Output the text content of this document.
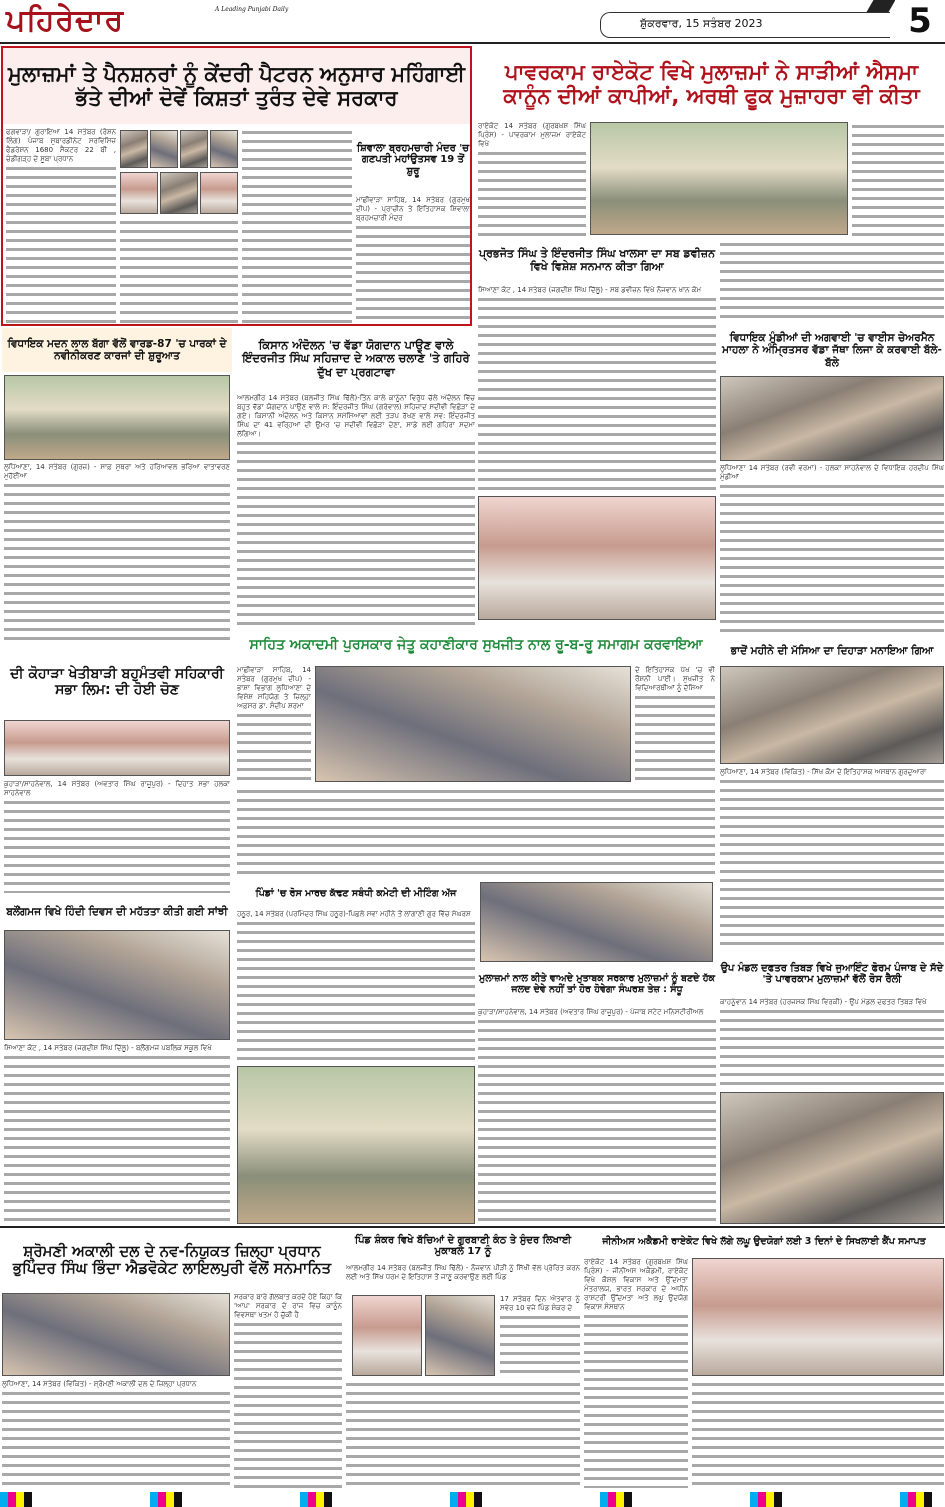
ਪਹਿਰੇਦਾਰ	A Leading Punjabi Daily
ਸ਼ੁੱਕਰਵਾਰ, 15 ਸਤੰਬਰ 2023	5
ਮੁਲਾਜ਼ਮਾਂ ਤੇ ਪੈਨਸ਼ਨਰਾਂ ਨੂੰ ਕੇਂਦਰੀ ਪੈਟਰਨ ਅਨੁਸਾਰ ਮਹਿੰਗਾਈ ਭੱਤੇ ਦੀਆਂ ਦੋਵੇਂ ਕਿਸ਼ਤਾਂ ਤੁਰੰਤ ਦੇਵੇ ਸਰਕਾਰ
ਫਗਵਾੜਾ/ ਗੁਰਾਇਆ 14 ਸਤੰਬਰ (ਰੋਸ਼ਨ ਲਿੰਗ) ਪੰਜਾਬ ਸੁਬਾਰਡੀਨੇਟ ਸਰਵਿਸਿਜ਼ ਫੈਡਰੇਸ਼ਨ 1680 ਸੈਕਟਰ 22 ਬੀ , ਚੰਡੀਗੜ੍ਹ ਦੇ ਸੂਬਾ ਪ੍ਰਧਾਨ
ਸ਼ਿਵਾਲਾ ਬ੍ਰਹਮਚਾਰੀ ਮੰਦਰ 'ਚ ਗਣਪਤੀ ਮਹਾਂਉਤਸਵ 19 ਤੋਂ ਸ਼ੁਰੂ
ਮਾਛੀਵਾੜਾ ਸਾਹਿਬ, 14 ਸਤੰਬਰ (ਗੁਰਮੁਖ ਦੀਪ) - ਪ੍ਰਾਚੀਨ ਤੇ ਇਤਿਹਾਸਕ ਸ਼ਿਵਾਲਾ ਬ੍ਰਹਮਚਾਰੀ ਮੰਦਰ
ਪਾਵਰਕਾਮ ਰਾਏਕੋਟ ਵਿਖੇ ਮੁਲਾਜ਼ਮਾਂ ਨੇ ਸਾੜੀਆਂ ਐਸਮਾ ਕਾਨੂੰਨ ਦੀਆਂ ਕਾਪੀਆਂ, ਅਰਥੀ ਫੂਕ ਮੁਜ਼ਾਹਰਾ ਵੀ ਕੀਤਾ
ਰਾਏਕੋਟ 14 ਸਤੰਬਰ (ਗੁਰਬਖ਼ਸ਼ ਸਿੰਘ ਪ੍ਰਿੰਸ) - ਪਾਵਰਕਾਮ ਮੁਲਾਜ਼ਮ ਰਾਏਕੋਟ ਵਿਖੇ
ਪ੍ਰਭਜੋਤ ਸਿੰਘ ਤੇ ਇੰਦਰਜੀਤ ਸਿੰਘ ਖਾਲਸਾ ਦਾ ਸਬ ਡਵੀਜ਼ਨ ਵਿਖੇ ਵਿਸ਼ੇਸ਼ ਸਨਮਾਨ ਕੀਤਾ ਗਿਆ
ਸਿਆਣਾ ਕੋਟ , 14 ਸਤੰਬਰ (ਜਗਦੀਸ਼ ਸਿੰਘ ਦਿੱਲੂ) - ਸਬ ਡਵੀਜ਼ਨ ਵਿਖੇ ਨੌਜਵਾਨ ਖਾਨ ਕੋਮ
ਵਿਧਾਇਕ ਮਦਨ ਲਾਲ ਬੱਗਾ ਵੱਲੋਂ ਵਾਰਡ-87 'ਚ ਪਾਰਕਾਂ ਦੇ ਨਵੀਨੀਕਰਣ ਕਾਰਜਾਂ ਦੀ ਸ਼ੁਰੂਆਤ
ਲੁਧਿਆਣਾ, 14 ਸਤੰਬਰ (ਗੁਰਜ਼) - ਸਾਫ਼ ਸੁਥਰਾ ਅਤੇ ਹਰਿਆਵਲ ਭਰਿਆ ਵਾਤਾਵਰਣ ਮੁਹੱਈਆ
ਕਿਸਾਨ ਅੰਦੋਲਨ 'ਚ ਵੱਡਾ ਯੋਗਦਾਨ ਪਾਉਣ ਵਾਲੇ ਇੰਦਰਜੀਤ ਸਿੰਘ ਸਹਿਜ਼ਾਦ ਦੇ ਅਕਾਲ ਚਲਾਣੇ 'ਤੇ ਗਹਿਰੇ ਦੁੱਖ ਦਾ ਪ੍ਰਗਟਾਵਾ
ਆਲਮਗੀਰ 14 ਸਤੰਬਰ (ਬਲਜੀਤ ਸਿੰਘ ਢਿੱਲੋਂ)-ਤਿੰਨ ਕਾਲੇ ਕਾਨੂੰਨਾਂ ਵਿਰੁੱਧ ਚੱਲੇ ਅੰਦੋਲਨ ਵਿੱਚ ਬਹੁਤ ਵੱਡਾ ਯੋਗਦਾਨ ਪਾਉਣ ਵਾਲੇ ਸ: ਇੰਦਰਜੀਤ ਸਿੰਘ (ਗਰੇਵਾਲ) ਸਹਿਜ਼ਾਦ ਸਦੀਵੀ ਵਿਛੋੜਾ ਦੇ ਗਏ। ਕਿਸਾਨੀ ਅੰਦੋਲਨ ਅਤੇ ਕਿਸਾਨ ਸਮੱਸਿਆਵਾਂ ਲਈ ਤੜਪ ਰੱਖਣ ਵਾਲੇ ਸਵ: ਇੰਦਰਜੀਤ ਸਿੰਘ ਦਾ 41 ਵਰ੍ਹਿਆਂ ਦੀ ਉਮਰ 'ਚ ਸਦੀਵੀ ਵਿਛੋੜਾ ਦੇਣਾ, ਸਾਡੇ ਲਈ ਗਹਿਰਾ ਸਦਮਾ ਲੱਗਿਆ।
ਵਿਧਾਇਕ ਮੁੰਡੀਆਂ ਦੀ ਅਗਵਾਈ 'ਚ ਵਾਈਸ ਚੇਅਰਮੈਨ ਮਾਹਲਾ ਨੇ ਅੰਮ੍ਰਿਤਸਰ ਵੱਡਾ ਜੱਥਾ ਲਿਜਾ ਕੇ ਕਰਵਾਈ ਬੱਲੇ-ਬੱਲੇ
ਲੁਧਿਆਣਾ 14 ਸਤੰਬਰ (ਰਵੀ ਵਰਮਾ) - ਹਲਕਾ ਸਾਹਨੇਵਾਲ ਦੇ ਵਿਧਾਇਕ ਹਰਦੀਪ ਸਿੰਘ ਮੁੰਡੀਆਂ
ਦੀ ਕੋਹਾੜਾ ਖੇਤੀਬਾੜੀ ਬਹੁਮੰਤਵੀ ਸਹਿਕਾਰੀ ਸਭਾ ਲਿਮ: ਦੀ ਹੋਈ ਚੋਣ
ਕੁਹਾੜਾ/ਸਾਹਨੇਵਾਲ, 14 ਸਤੰਬਰ (ਅਵਤਾਰ ਸਿੰਘ ਰਾਜੂਪੁਰ) - ਦਿਹਾਤ ਸਭਾ ਹਲਕਾ ਸਾਹਨੇਵਾਲ
ਸਾਹਿਤ ਅਕਾਦਮੀ ਪੁਰਸਕਾਰ ਜੇਤੂ ਕਹਾਣੀਕਾਰ ਸੁਖਜੀਤ ਨਾਲ ਰੂ-ਬ-ਰੂ ਸਮਾਗਮ ਕਰਵਾਇਆ
ਮਾਛੀਵਾੜਾ ਸਾਹਿਬ, 14 ਸਤੰਬਰ (ਗੁਰਮੁਖ ਦੀਪ) - ਭਾਸ਼ਾ ਵਿਭਾਗ ਲੁਧਿਆਣਾ ਦੇ ਵਿਸ਼ੇਸ਼ ਸਹਿਯੋਗ ਤੇ ਜ਼ਿਲ੍ਹਾ ਅਫ਼ਸਰ ਡਾ. ਸੰਦੀਪ ਸ਼ਰਮਾ
ਦੇ ਇਤਿਹਾਸਕ ਪੱਖ 'ਚ ਵੀ ਰੌਸ਼ਨੀ ਪਾਈ। ਸੁਖਜੀਤ ਨੇ ਵਿਦਿਆਰਥੀਆਂ ਨੂੰ ਦੱਸਿਆ
ਭਾਦੋਂ ਮਹੀਨੇ ਦੀ ਮੱਸਿਆ ਦਾ ਦਿਹਾੜਾ ਮਨਾਇਆ ਗਿਆ
ਲੁਧਿਆਣਾ, 14 ਸਤੰਬਰ (ਵਿਕਿਤ) - ਸਿੱਖ ਕੌਮ ਦੇ ਇਤਿਹਾਸਕ ਅਸਥਾਨ ਗੁਰਦੁਆਰਾ
ਬਲੌਂਗਮਜ ਵਿਖੇ ਹਿੰਦੀ ਦਿਵਸ ਦੀ ਮਹੱਤਤਾ ਕੀਤੀ ਗਈ ਸਾਂਝੀ
ਸਿਆਣਾ ਕੋਟ , 14 ਸਤੰਬਰ (ਜਗਦੀਸ਼ ਸਿੰਘ ਦਿੱਲੂ) - ਬਲੌਂਗਮਜ ਪਬਲਿਕ ਸਕੂਲ ਵਿਖੇ
ਪਿੰਡਾਂ 'ਚ ਰੋਸ ਮਾਰਚ ਕੱਢਣ ਸਬੰਧੀ ਕਮੇਟੀ ਦੀ ਮੀਟਿੰਗ ਅੱਜ
ਹਠੂਰ, 14 ਸਤੰਬਰ (ਪਰਮਿੰਦਰ ਸਿੰਘ ਹਠੂਰ)-ਪਿਛਲੇ ਸਵਾ ਮਹੀਨੇ ਤੋਂ ਲਾਂਗਾਣੀ ਗੁਰ ਵਿੱਚ ਸੰਘਰਸ਼
ਮੁਲਾਜ਼ਮਾਂ ਨਾਲ ਕੀਤੇ ਵਾਅਦੇ ਮੁਤਾਬਕ ਸਰਕਾਰ ਮੁਲਾਜ਼ਮਾਂ ਨੂੰ ਬਣਦੇ ਹੱਕ ਜਲਦ ਦੇਵੇ ਨਹੀਂ ਤਾਂ ਹੋਰ ਹੋਵੇਗਾ ਸੰਘਰਸ਼ ਤੇਜ਼ : ਸੰਧੂ
ਕੁਹਾੜਾ/ਸਾਹਨੇਵਾਲ, 14 ਸਤੰਬਰ (ਅਵਤਾਰ ਸਿੰਘ ਰਾਜੂਪੁਰ) - ਪੰਜਾਬ ਸਟੇਟ ਮਨਿਸਟੀਰੀਅਲ
ਉਪ ਮੰਡਲ ਦਫਤਰ ਤਿਬੜ ਵਿਖੇ ਜੁਆਇੰਟ ਫੋਰਮ ਪੰਜਾਬ ਦੇ ਸੱਦੇ 'ਤੇ ਪਾਵਰਕਾਮ ਮੁਲਾਜ਼ਮਾਂ ਵੱਲੋਂ ਰੋਸ ਰੈਲੀ
ਕਾਹਨੂੰਵਾਨ 14 ਸਤੰਬਰ (ਹਰਜਸਕ ਸਿੰਘ ਵਿਰਕੀ) - ਉਪ ਮੰਡਲ ਦਫਤਰ ਤਿਬੜ ਵਿਖੇ
ਸ਼੍ਰੋਮਣੀ ਅਕਾਲੀ ਦਲ ਦੇ ਨਵ-ਨਿਯੁਕਤ ਜ਼ਿਲ੍ਹਾ ਪ੍ਰਧਾਨ ਭੁਪਿੰਦਰ ਸਿੰਘ ਭਿੰਦਾ ਐਡਵੋਕੇਟ ਲਾਇਲਪੁਰੀ ਵੱਲੋਂ ਸਨਮਾਨਿਤ
ਸਰਕਾਰ ਬਾਰੇ ਗੱਲਬਾਤ ਕਰਦੇ ਹੋਏ ਕਿਹਾ ਕਿ 'ਆਪ' ਸਰਕਾਰ ਦੇ ਰਾਜ ਵਿਚ ਕਾਨੂੰਨ ਵਿਵਸਥਾ ਖਤਮ ਹੋ ਚੁੱਕੀ ਹੈ
ਲੁਧਿਆਣਾ, 14 ਸਤੰਬਰ (ਵਿਕਿਤ) - ਸ਼੍ਰੋਮਣੀ ਅਕਾਲੀ ਦਲ ਦੇ ਜ਼ਿਲ੍ਹਾ ਪ੍ਰਧਾਨ
ਪਿੰਡ ਸ਼ੰਕਰ ਵਿਖੇ ਬੱਚਿਆਂ ਦੇ ਗੁਰਬਾਣੀ ਕੰਠ ਤੇ ਸੁੰਦਰ ਲਿਖਾਈ ਮੁਕਾਬਲੇ 17 ਨੂੰ
ਆਲਮਗੀਰ 14 ਸਤੰਬਰ (ਬਲਜੀਤ ਸਿੰਘ ਢਿੱਲੋਂ) - ਨੌਜਵਾਨ ਪੀੜੀ ਨੂੰ ਸਿੱਖੀ ਵੱਲ ਪ੍ਰੇਰਿਤ ਕਰਨ ਲਈ ਅਤੇ ਸਿੱਖ ਧਰਮ ਦੇ ਇਤਿਹਾਸ ਤੋਂ ਜਾਣੂ ਕਰਵਾਉਣ ਲਈ ਪਿੰਡ
17 ਸਤੰਬਰ ਦਿਨ ਐਤਵਾਰ ਨੂੰ ਸਵੇਰ 10 ਵਜੇ ਪਿੰਡ ਸ਼ੰਕਰ ਦੇ
ਜੀਨੀਅਸ ਅਕੈਡਮੀ ਰਾਏਕੋਟ ਵਿਖੇ ਲੱਗੇ ਲਘੂ ਉਦਯੋਗਾਂ ਲਈ 3 ਦਿਨਾਂ ਦੇ ਸਿਖਲਾਈ ਕੈਂਪ ਸਮਾਪਤ
ਰਾਏਕੋਟ 14 ਸਤੰਬਰ (ਗੁਰਬਖ਼ਸ਼ ਸਿੰਘ ਪ੍ਰਿੰਸ) - ਜੀਨੀਅਸ ਅਕੈਡਮੀ, ਰਾਏਕੋਟ ਵਿਖੇ ਕੌਸ਼ਲ ਵਿਕਾਸ ਅਤੇ ਉੱਦਮਤਾ ਮੰਤਰਾਲਯ, ਭਾਰਤ ਸਰਕਾਰ ਦੇ ਅਧੀਨ ਰਾਸ਼ਟਰੀ ਉੱਦਮਤਾ ਅਤੇ ਲਘੂ ਉਦਯੋਗ ਵਿਕਾਸ ਸੰਸਥਾਨ
